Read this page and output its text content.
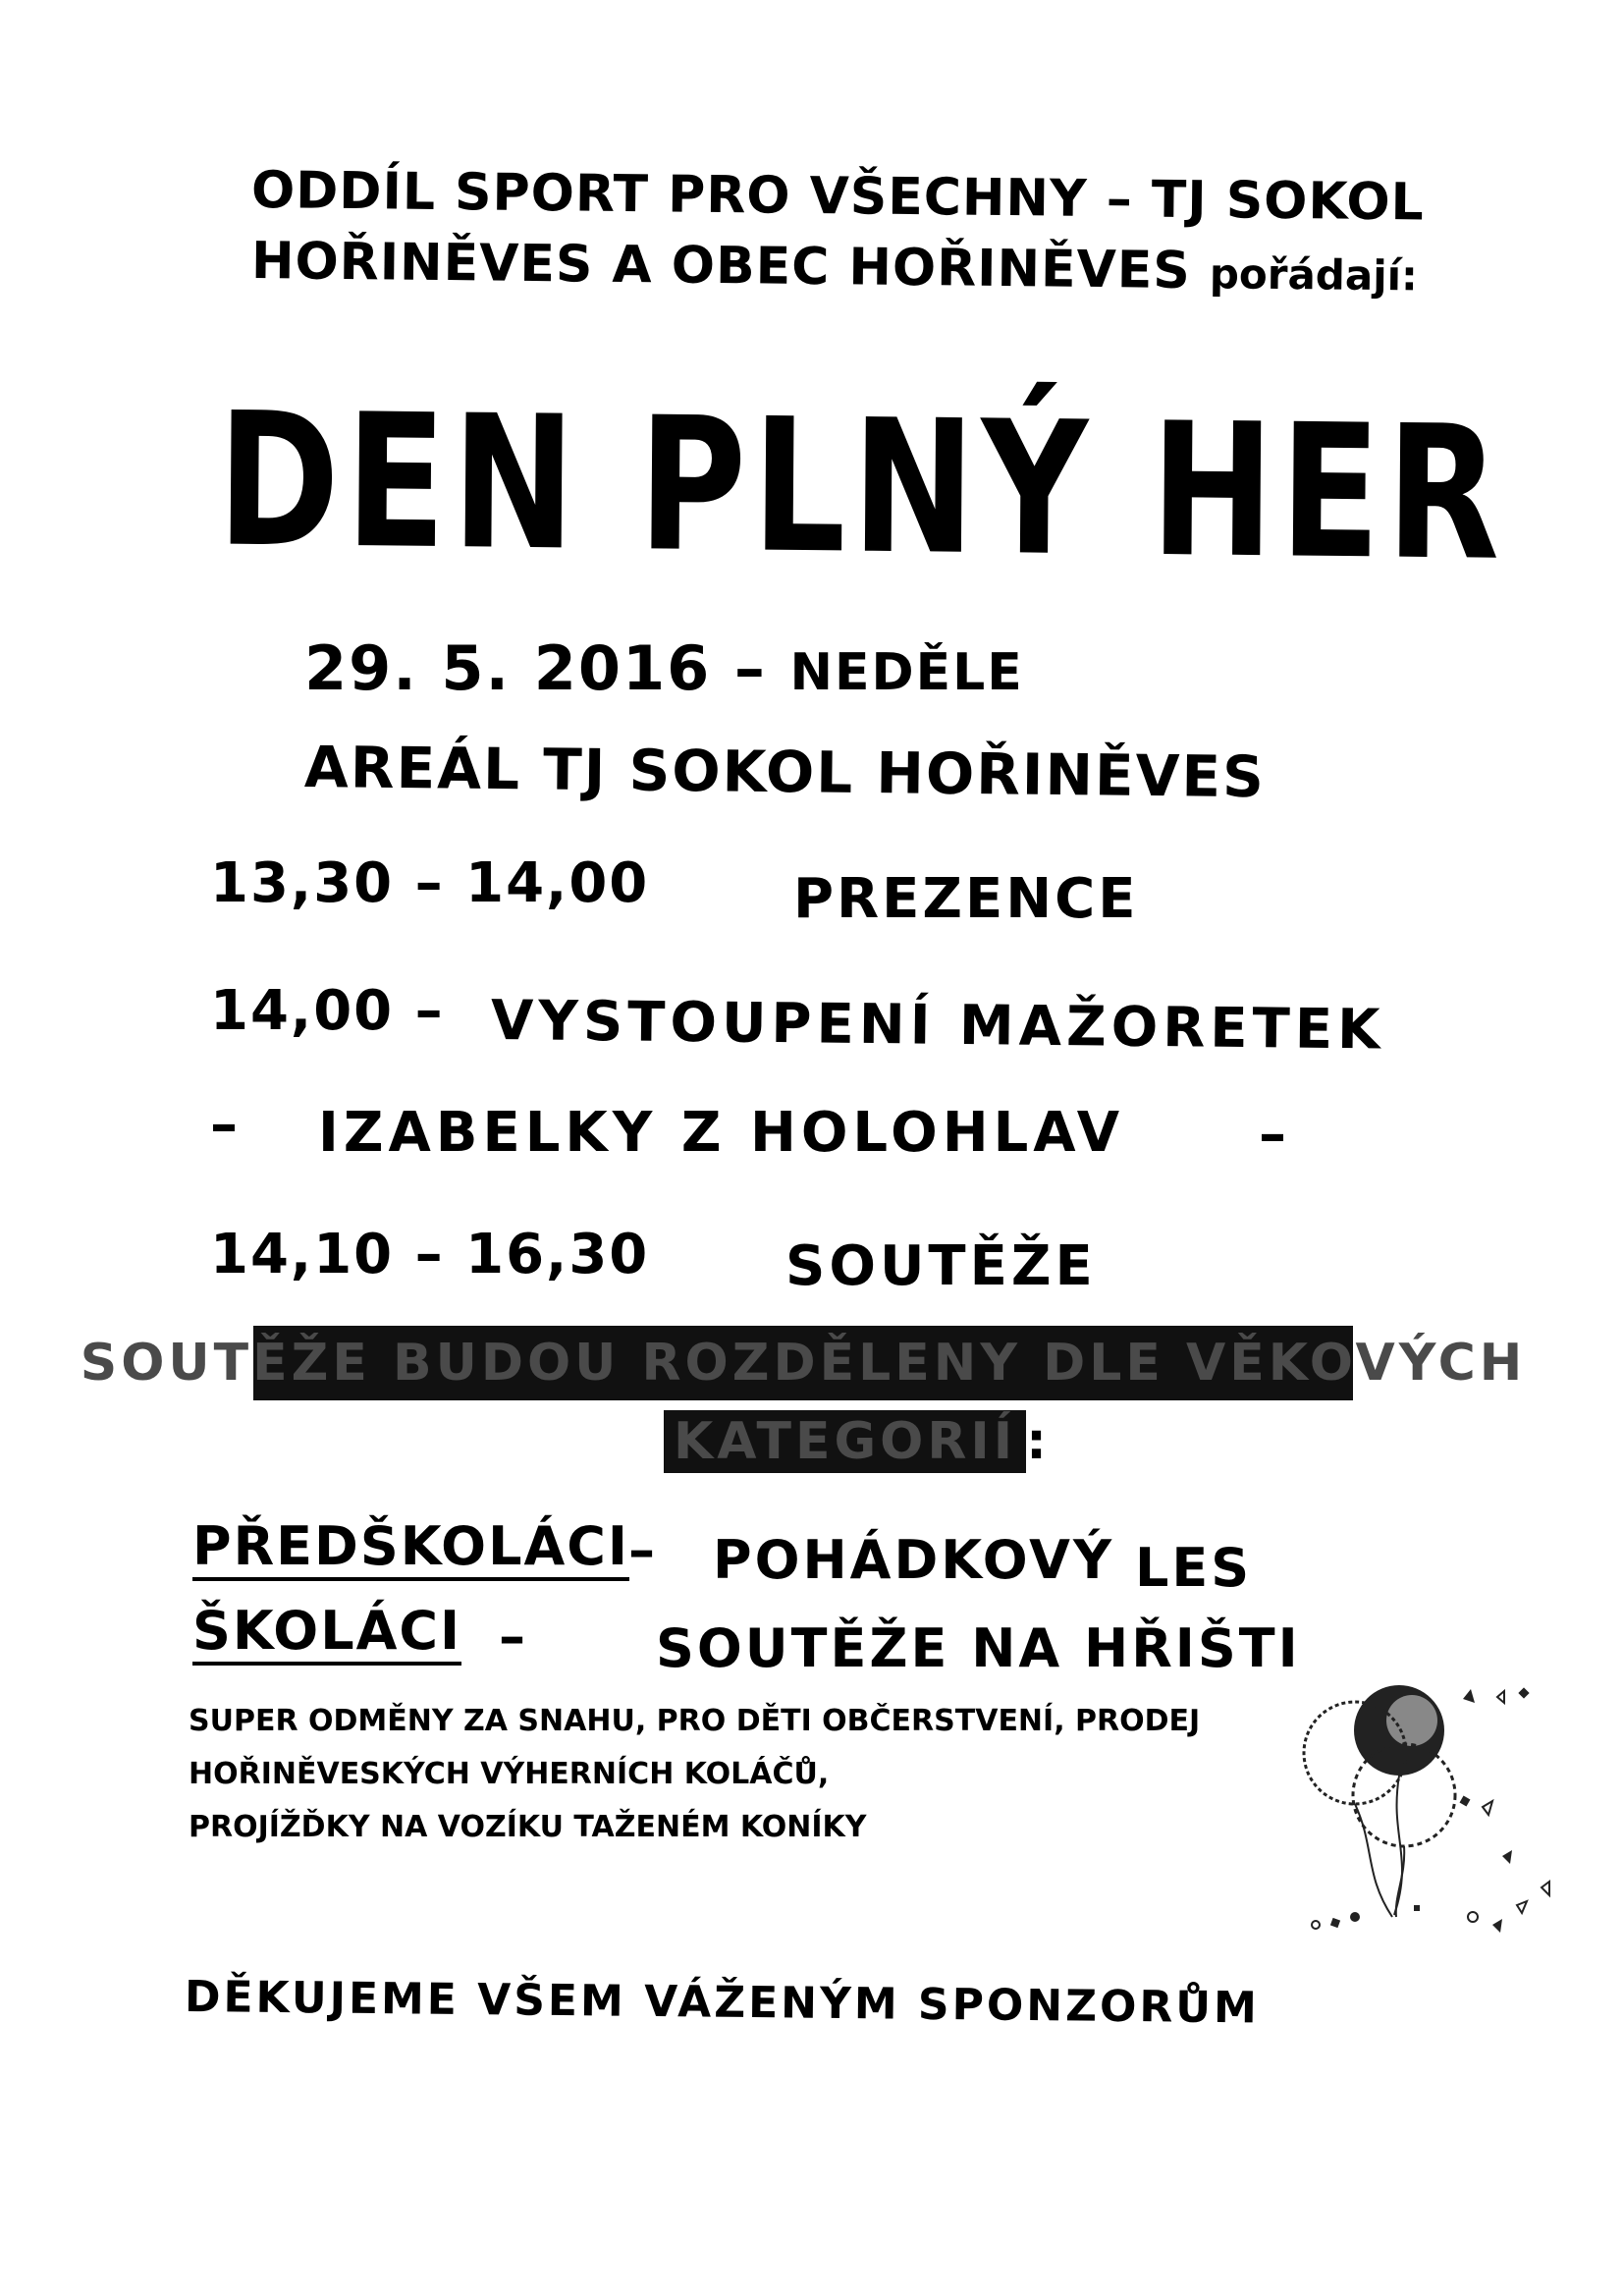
ODDÍL SPORT PRO VŠECHNY – TJ SOKOL
HOŘINĚVES A OBEC HOŘINĚVES pořádají:
DEN PLNÝ HER
29. 5. 2016 – NEDĚLE
AREÁL TJ SOKOL HOŘINĚVES
13,30 – 14,00	PREZENCE
14,00 – VYSTOUPENÍ MAŽORETEK
– IZABELKY Z HOLOHLAV –
14,10 – 16,30 SOUTĚŽE
SOUTĚŽE BUDOU ROZDĚLENY DLE VĚKOVÝCH
KATEGORIÍ :
PŘEDŠKOLÁCI
– POHÁDKOVÝ LES
ŠKOLÁCI – SOUTĚŽE NA HŘIŠTI
SUPER ODMĚNY ZA SNAHU, PRO DĚTI OBČERSTVENÍ, PRODEJ
HOŘINĚVESKÝCH VÝHERNÍCH KOLÁČŮ,
PROJÍŽĎKY NA VOZÍKU TAŽENÉM KONÍKY
DĚKUJEME VŠEM VÁŽENÝM SPONZORŮM
